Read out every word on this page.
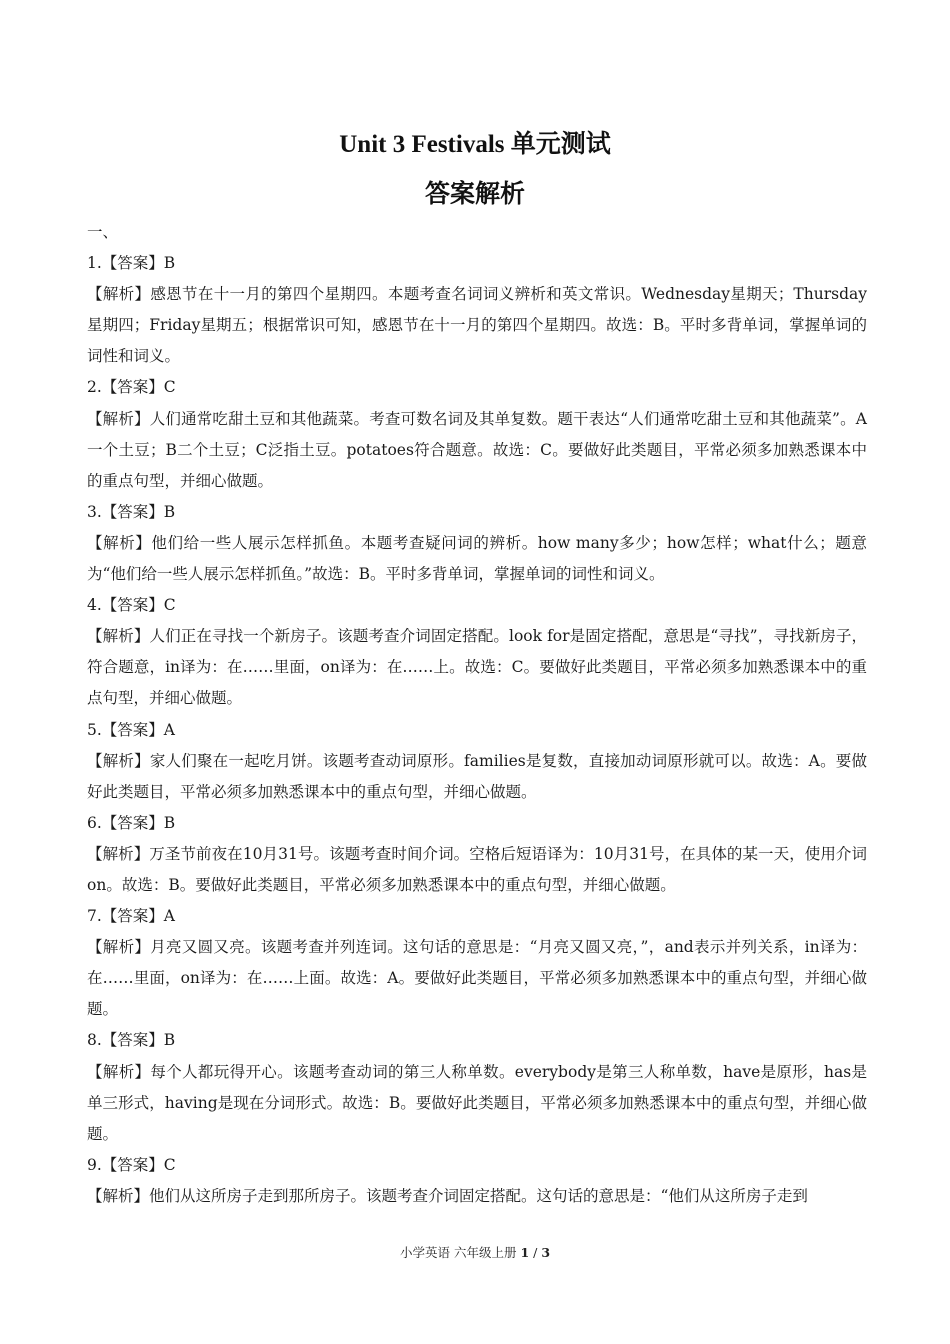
Unit 3 Festivals 单元测试
答案解析
一、
1.【答案】B
【解析】感恩节在十一月的第四个星期四。本题考查名词词义辨析和英文常识。Wednesday星期天；Thursday星期四；Friday星期五；根据常识可知，感恩节在十一月的第四个星期四。故选：B。平时多背单词，掌握单词的词性和词义。
2.【答案】C
【解析】人们通常吃甜土豆和其他蔬菜。考查可数名词及其单复数。题干表达“人们通常吃甜土豆和其他蔬菜”。A一个土豆；B二个土豆；C泛指土豆。potatoes符合题意。故选：C。要做好此类题目，平常必须多加熟悉课本中的重点句型，并细心做题。
3.【答案】B
【解析】他们给一些人展示怎样抓鱼。本题考查疑问词的辨析。how many多少；how怎样；what什么；题意为“他们给一些人展示怎样抓鱼。”故选：B。平时多背单词，掌握单词的词性和词义。
4.【答案】C
【解析】人们正在寻找一个新房子。该题考查介词固定搭配。look for是固定搭配，意思是“寻找”，寻找新房子，符合题意，in译为：在……里面，on译为：在……上。故选：C。要做好此类题目，平常必须多加熟悉课本中的重点句型，并细心做题。
5.【答案】A
【解析】家人们聚在一起吃月饼。该题考查动词原形。families是复数，直接加动词原形就可以。故选：A。要做好此类题目，平常必须多加熟悉课本中的重点句型，并细心做题。
6.【答案】B
【解析】万圣节前夜在10月31号。该题考查时间介词。空格后短语译为：10月31号，在具体的某一天，使用介词on。故选：B。要做好此类题目，平常必须多加熟悉课本中的重点句型，并细心做题。
7.【答案】A
【解析】月亮又圆又亮。该题考查并列连词。这句话的意思是：“月亮又圆又亮，”，and表示并列关系，in译为：在……里面，on译为：在……上面。故选：A。要做好此类题目，平常必须多加熟悉课本中的重点句型，并细心做题。
8.【答案】B
【解析】每个人都玩得开心。该题考查动词的第三人称单数。everybody是第三人称单数，have是原形，has是单三形式，having是现在分词形式。故选：B。要做好此类题目，平常必须多加熟悉课本中的重点句型，并细心做题。
9.【答案】C
【解析】他们从这所房子走到那所房子。该题考查介词固定搭配。这句话的意思是：“他们从这所房子走到
小学英语 六年级上册 1 / 3
